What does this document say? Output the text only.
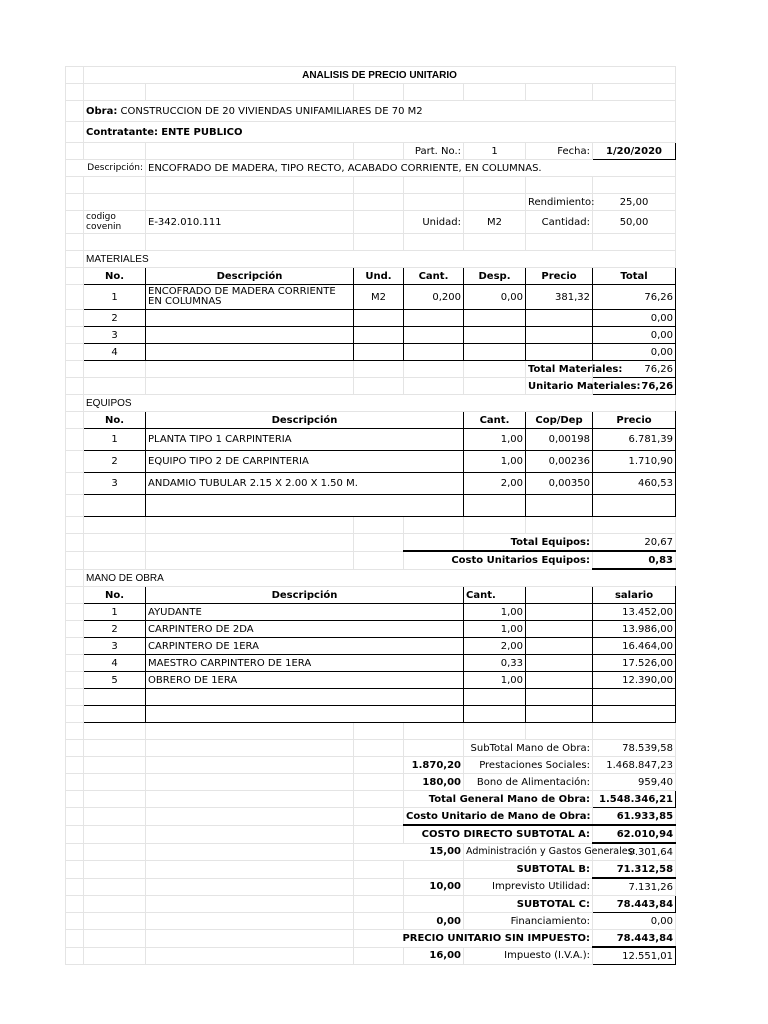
	ANALISIS DE PRECIO UNITARIO							

	Obra: CONSTRUCCION DE 20 VIVIENDAS UNIFAMILIARES DE 70 M2							
	Contratante: ENTE PUBLICO							
				Part. No.:	1	Fecha:	1/20/2020	
Descripción:		ENCOFRADO DE MADERA, TIPO RECTO, ACABADO CORRIENTE, EN COLUMNAS.						

						Rendimiento:	25,00	
	codigo covenin	E-342.010.111		Unidad:	M2	Cantidad:	50,00	

	MATERIALES							
	No.	Descripción	Und.	Cant.	Desp.	Precio	Total	
	1	ENCOFRADO DE MADERA CORRIENTE EN COLUMNAS	M2	0,200	0,00	381,32	76,26	
	2						0,00	
	3						0,00	
	4						0,00	
						Total Materiales:	76,26	
						Unitario Materiales:	76,26	
	EQUIPOS							
	No.	Descripción			Cant.	Cop/Dep	Precio	
	1	PLANTA TIPO 1 CARPINTERIA			1,00	0,00198	6.781,39	
	2	EQUIPO TIPO 2 DE CARPINTERIA			1,00	0,00236	1.710,90	
	3	ANDAMIO TUBULAR 2.15 X 2.00 X 1.50 M.			2,00	0,00350	460,53	

					Total Equipos:		20,67	
				Costo Unitarios Equipos:			0,83	
	MANO DE OBRA							
	No.	Descripción			Cant.		salario	
	1	AYUDANTE			1,00		13.452,00	
	2	CARPINTERO DE 2DA			1,00		13.986,00	
	3	CARPINTERO DE 1ERA			2,00		16.464,00	
	4	MAESTRO CARPINTERO DE 1ERA			0,33		17.526,00	
	5	OBRERO DE 1ERA			1,00		12.390,00	

					SubTotal Mano de Obra:		78.539,58	
				1.870,20	Prestaciones Sociales:		1.468.847,23	
				180,00	Bono de Alimentación:		959,40	
				Total General Mano de Obra:			1.548.346,21	
				Costo Unitario de Mano de Obra:			61.933,85	
				COSTO DIRECTO SUBTOTAL A:			62.010,94	
			15,00		Administración y Gastos Generales:		9.301,64	
					SUBTOTAL B:		71.312,58	
				10,00	Imprevisto Utilidad:		7.131,26	
					SUBTOTAL C:		78.443,84	
				0,00	Financiamiento:		0,00	
			PRECIO UNITARIO SIN IMPUESTO:				78.443,84	
				16,00	Impuesto (I.V.A.):		12.551,01	
